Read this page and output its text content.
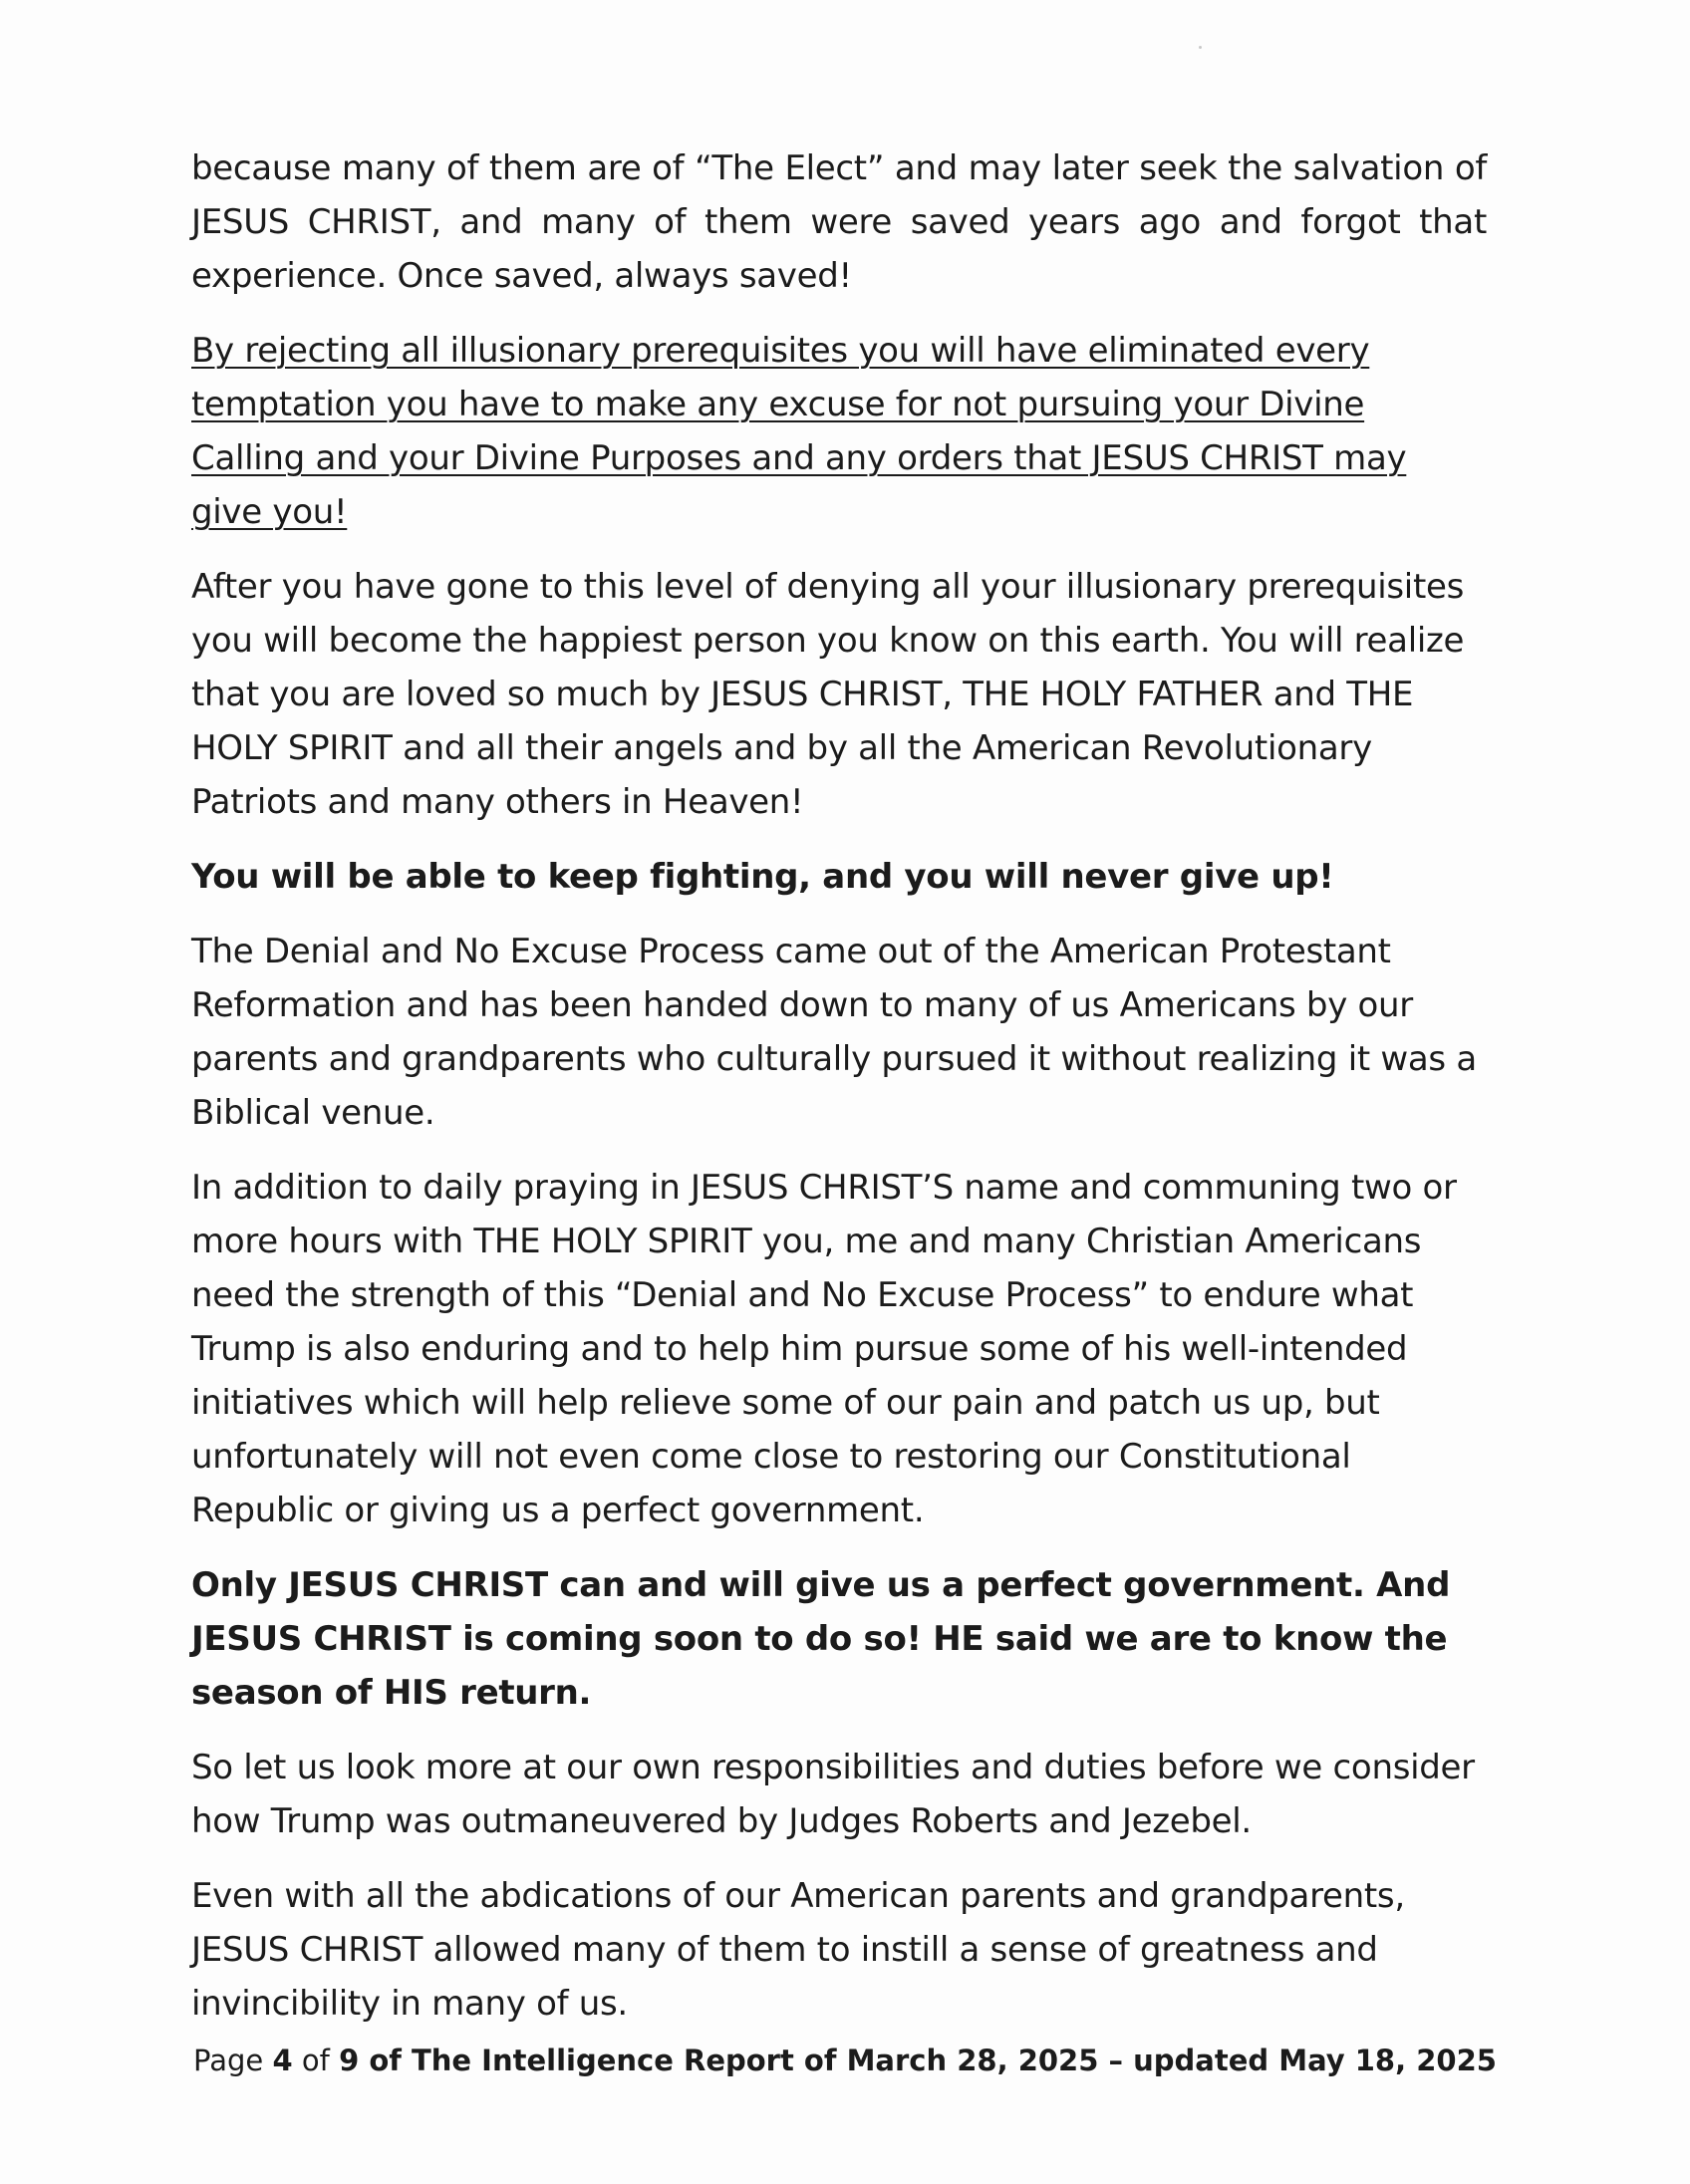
because many of them are of “The Elect” and may later seek the salvation of JESUS CHRIST, and many of them were saved years ago and forgot that experience. Once saved, always saved!

By rejecting all illusionary prerequisites you will have eliminated every temptation you have to make any excuse for not pursuing your Divine Calling and your Divine Purposes and any orders that JESUS CHRIST may give you!

After you have gone to this level of denying all your illusionary prerequisites you will become the happiest person you know on this earth. You will realize that you are loved so much by JESUS CHRIST, THE HOLY FATHER and THE HOLY SPIRIT and all their angels and by all the American Revolutionary Patriots and many others in Heaven!

You will be able to keep fighting, and you will never give up!

The Denial and No Excuse Process came out of the American Protestant Reformation and has been handed down to many of us Americans by our parents and grandparents who culturally pursued it without realizing it was a Biblical venue.

In addition to daily praying in JESUS CHRIST’S name and communing two or more hours with THE HOLY SPIRIT you, me and many Christian Americans need the strength of this “Denial and No Excuse Process” to endure what Trump is also enduring and to help him pursue some of his well-intended initiatives which will help relieve some of our pain and patch us up, but unfortunately will not even come close to restoring our Constitutional Republic or giving us a perfect government.

Only JESUS CHRIST can and will give us a perfect government. And JESUS CHRIST is coming soon to do so! HE said we are to know the season of HIS return.

So let us look more at our own responsibilities and duties before we consider how Trump was outmaneuvered by Judges Roberts and Jezebel.

Even with all the abdications of our American parents and grandparents, JESUS CHRIST allowed many of them to instill a sense of greatness and invincibility in many of us.

Page 4 of 9 of The Intelligence Report of March 28, 2025 – updated May 18, 2025
